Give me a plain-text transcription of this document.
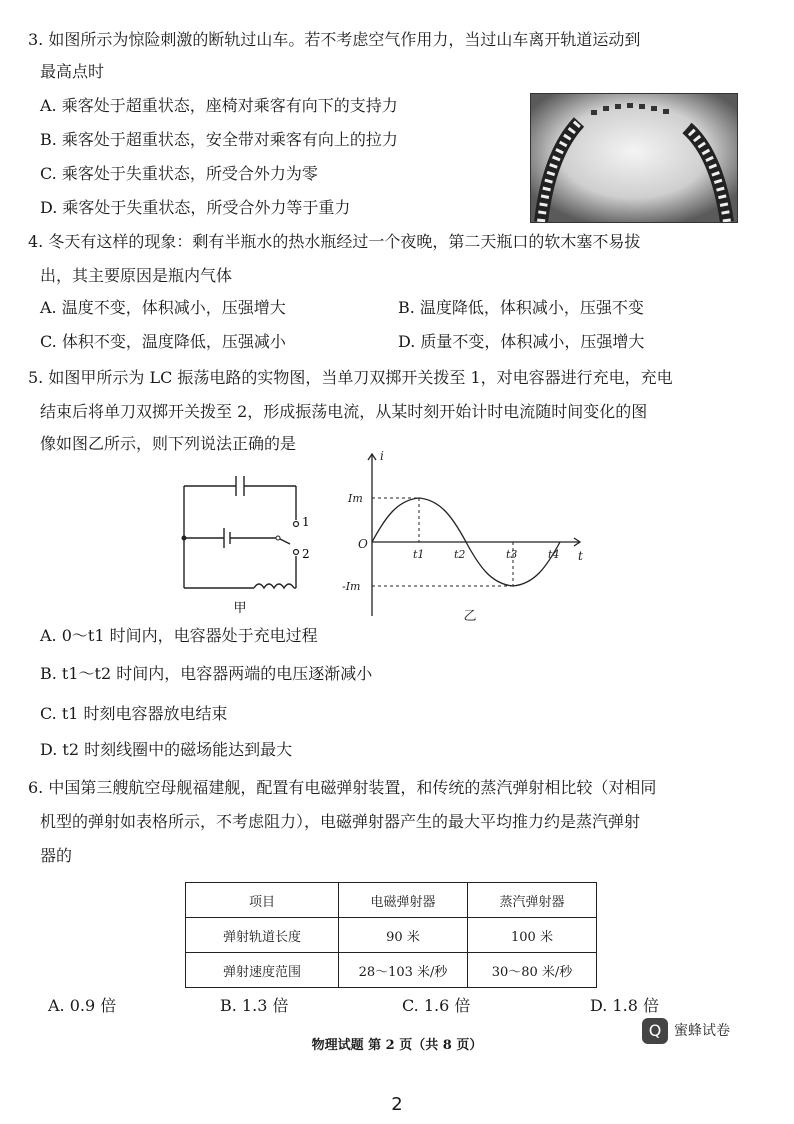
3. 如图所示为惊险刺激的断轨过山车。若不考虑空气作用力，当过山车离开轨道运动到
最高点时
A. 乘客处于超重状态，座椅对乘客有向下的支持力
B. 乘客处于超重状态，安全带对乘客有向上的拉力
C. 乘客处于失重状态，所受合外力为零
D. 乘客处于失重状态，所受合外力等于重力
4. 冬天有这样的现象：剩有半瓶水的热水瓶经过一个夜晚，第二天瓶口的软木塞不易拔
出，其主要原因是瓶内气体
A. 温度不变，体积减小，压强增大	B. 温度降低，体积减小，压强不变
C. 体积不变，温度降低，压强减小	D. 质量不变，体积减小，压强增大
5. 如图甲所示为 LC 振荡电路的实物图，当单刀双掷开关拨至 1，对电容器进行充电，充电
结束后将单刀双掷开关拨至 2，形成振荡电流，从某时刻开始计时电流随时间变化的图
像如图乙所示，则下列说法正确的是
1
2
甲
i
t
O
Im
-Im
t1	t2	t3	t4
乙
A. 0～t1 时间内，电容器处于充电过程
B. t1～t2 时间内，电容器两端的电压逐渐减小
C. t1 时刻电容器放电结束
D. t2 时刻线圈中的磁场能达到最大
6. 中国第三艘航空母舰福建舰，配置有电磁弹射装置，和传统的蒸汽弹射相比较（对相同
机型的弹射如表格所示，不考虑阻力），电磁弹射器产生的最大平均推力约是蒸汽弹射
器的
项目	电磁弹射器	蒸汽弹射器
弹射轨道长度	90 米	100 米
弹射速度范围	28～103 米/秒	30～80 米/秒
A. 0.9 倍	B. 1.3 倍	C. 1.6 倍	D. 1.8 倍
物理试题 第 2 页（共 8 页）
Q 蜜蜂试卷
2
